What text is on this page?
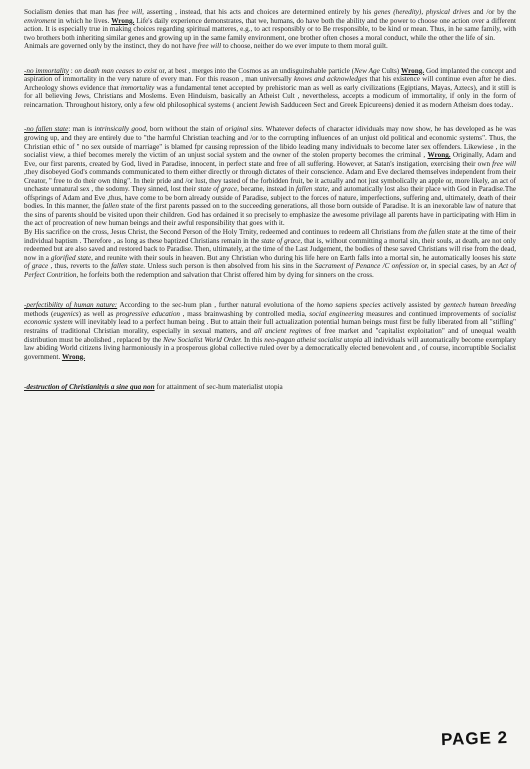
Socialism denies that man has free will, asserting , instead, that his acts and choices are determined entirely by his genes (heredity), physical drives and /or by the enviroment in which he lives. Wrong. Life's daily experience demonstrates, that we, humans, do have both the ability and the power to choose one action over a different action. It is especially true in making choices regarding spiritual matteres, e.g., to act responsibly or to Be rresponsible, to be kind or mean. Thus, in he same family, with two brothers both inheriting similar genes and growing up in the same family environment, one brother often choses a moral conduct, while the other the life of sin.

Animals are governed only by the instinct, they do not have free will to choose, neither do we ever impute to them moral guilt.

-no immortality : on death man ceases to exist or, at best , merges into the Cosmos as an undisguinshable particle (New Age Cults) Wrong. God implanted the concept and aspiration of immortality in the very nature of every man. For this reason , man universally knows and acknowledges that his existence will continue even after he dies. Archeology shows evidence that immortality was a fundamental tenet accepted by prehistoric man as well as early civilizations (Egiptians, Mayas, Aztecs), and it still is for all believing Jews, Christians and Moslems. Even Hinduism, basically an Atheist Cult , nevertheless, accepts a modicum of immortality, if only in the form of reincarnation. Throughout history, only a few old philosophical systems ( ancient Jewish Sadduceen Sect and Greek Epicureens) denied it as modern Atheism does today..

-no fallen state: man is intrinsically good, born without the stain of original sins. Whatever defects of character idividuals may now show, he has developed as he was growing up, and they are entirely due to "the harmful Christian teaching and /or to the corrupting influences of an unjust old political and economic systems". Thus, the Christian ethic of " no sex outside of marriage" is blamed fpr causing repression of the libido leading many individuals to become later sex offenders. Likewiese , in the socialist view, a thief becomes merely the victim of an unjust social system and the owner of the stolen property becomes the criminal , Wrong. Originally, Adam and Eve, our first parents, created by God, lived in Paradise, innocent, in perfect state and free of all suffering. However, at Satan's instigation, exercising their own free will ,they disobeyed God's commands communicated to them either directly or through dictates of their conscience. Adam and Eve declared themselves independent from their Creator, " free to do their own thing". In their pride and /or lust, they tasted of the forbidden fruit, be it actually and not just symbolically an apple or, more likely, an act of unchaste unnatural sex , the sodomy. They sinned, lost their state of grace, became, instead in fallen state, and automatically lost also their place with God in Paradise.The offsprings of Adam and Eve ,thus, have come to be born already outside of Paradise, subject to the forces of nature, imperfections, suffering and, ultimately, death of their bodies. In this manner, the fallen state of the first parents passed on to the succeeding generations, all those born outside of Paradise. It is an inexorable law of nature that the sins of parents should be visited upon their children. God has ordained it so precisely to emphasize the awesome privilage all parents have in participating with Him in the act of procreation of new human beings and their awful responsibility that goes with it.

By His sacrifice on the cross, Jesus Christ, the Second Person of the Holy Trnity, redeemed and continues to redeem all Christians from the fallen state at the time of their individual baptism . Therefore , as long as these baptized Christians remain in the state of grace, that is, without committing a mortal sin, their souls, at death, are not only redeemed but are also saved and restored back to Paradise. Then, ultimately, at the time of the Last Judgement, the bodies of these saved Christians will rise from the dead, now in a glorified state, and reunite with their souls in heaven. But any Christian who during his life here on Earth falls into a mortal sin, he automatically looses his state of grace , thus, reverts to the fallen state. Unless such person is then absolved from his sins in the Sacrament of Penance /C onfession or, in special cases, by an Act of Perfect Contrition, he forfeits both the redemption and salvation that Christ offered him by dying for sinners on the cross.

-perfectibility of human nature: According to the sec-hum plan , further natural evolutiona of the homo sapiens species actively assisted by gentech human breeding methods (eugenics) as well as progressive education , mass brainwashing by controlled media, social engineering measures and continued improvements of socialist economic system will inevitably lead to a perfect human being . But to attain their full actualization potential human beings must first be fully liberated from all "stifling" restrains of traditional Christian morality, especially in sexual matters, and all ancient regimes of free market and "capitalist exploitation" and of unequal wealth distribution must be abolished , replaced by the New Socialist World Order. In this neo-pagan atheist socialist utopia all individuals will automatically become exemplary law abiding World citizens living harmoniously in a prosperous global collective ruled over by a democratically elected benevolent and , of course, incorruptible Socialist government. Wrong.

-destruction of Christianityis a sine qua non for attainment of sec-hum materialist utopia
PAGE 2
